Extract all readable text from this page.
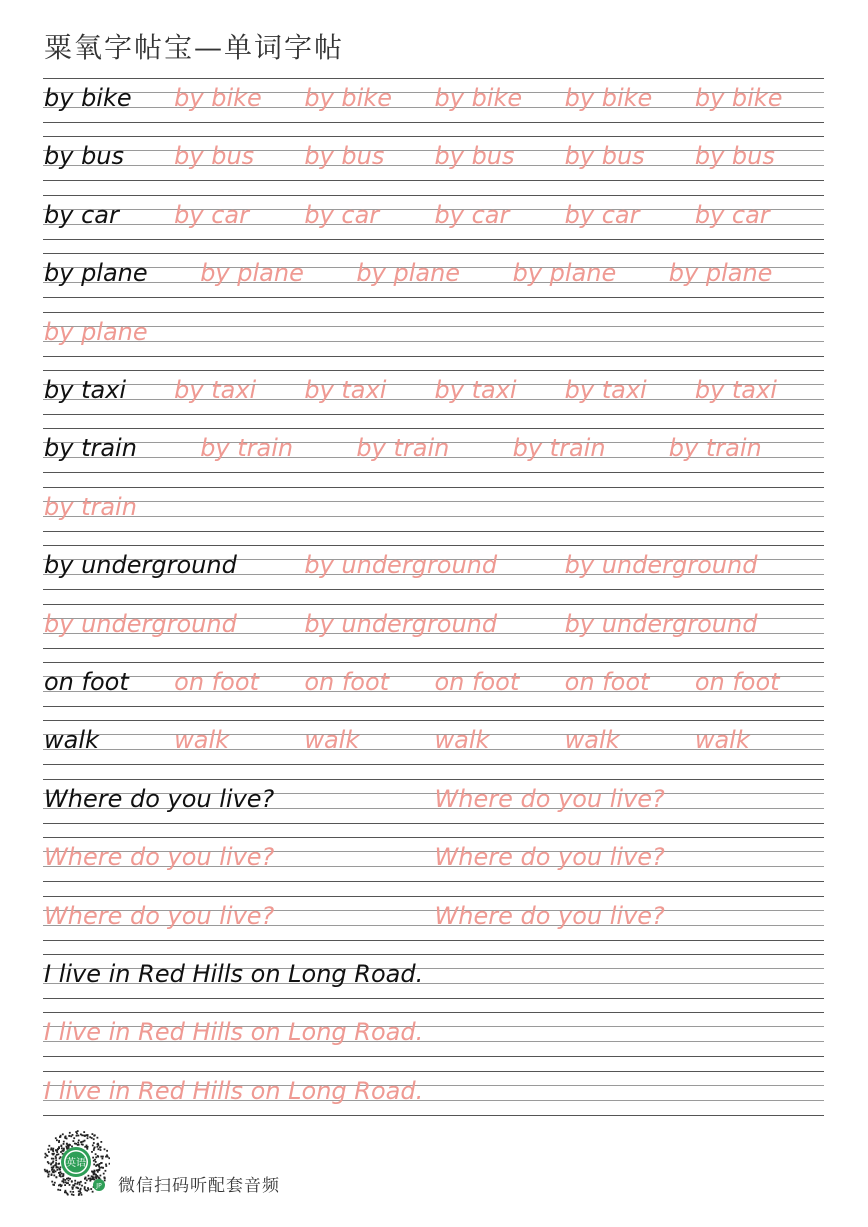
粟氧字帖宝—单词字帖
by bike by bike by bike by bike by bike by bike
by bus by bus by bus by bus by bus by bus
by car by car by car by car by car by car
by plane by plane by plane by plane by plane
by plane
by taxi by taxi by taxi by taxi by taxi by taxi
by train	by train	by train	by train	by train
by train
by underground	by underground	by underground
by underground	by underground	by underground
on foot on foot on foot on foot on foot on foot
walk	walk	walk	walk	walk	walk
Where do you live?	Where do you live?
Where do you live?	Where do you live?
Where do you live?	Where do you live?
I live in Red Hills on Long Road.
I live in Red Hills on Long Road.
I live in Red Hills on Long Road.
英语
JP 微信扫码听配套音频
